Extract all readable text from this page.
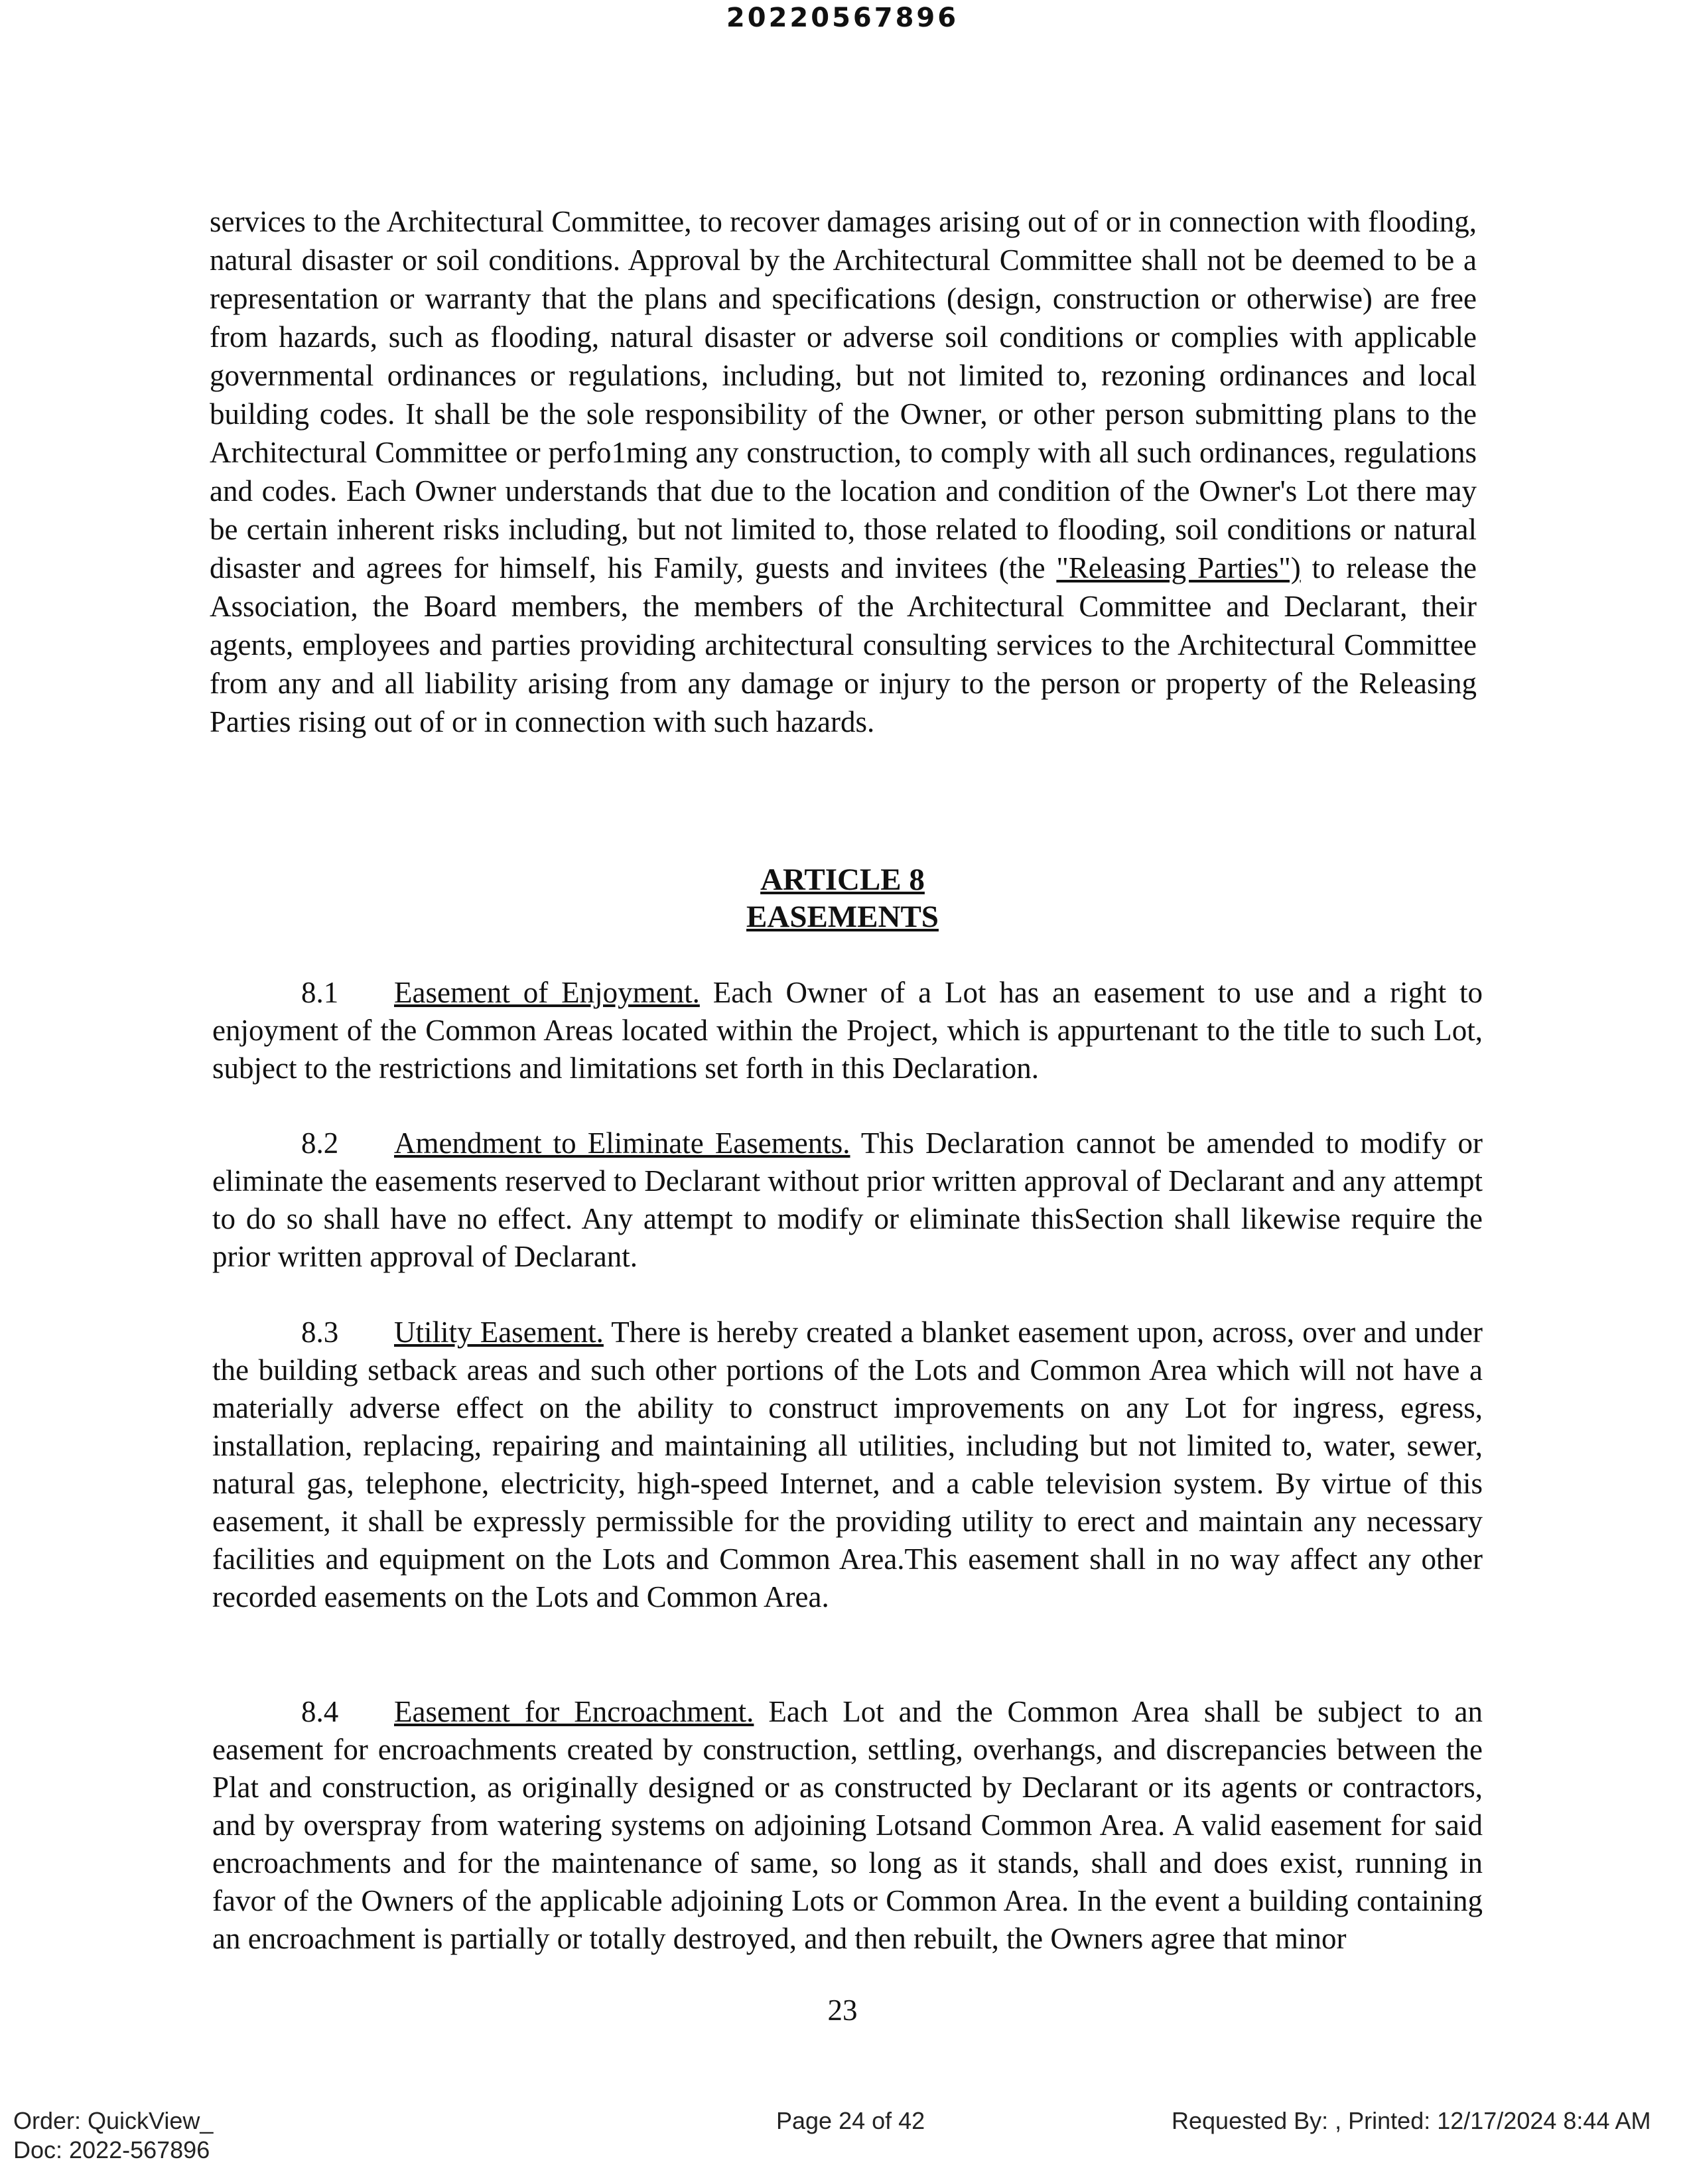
20220567896

services to the Architectural Committee, to recover damages arising out of or in connection with flooding, natural disaster or soil conditions. Approval by the Architectural Committee shall not be deemed to be a representation or warranty that the plans and specifications (design, construction or otherwise) are free from hazards, such as flooding, natural disaster or adverse soil conditions or complies with applicable governmental ordinances or regulations, including, but not limited to, rezoning ordinances and local building codes. It shall be the sole responsibility of the Owner, or other person submitting plans to the Architectural Committee or perfo1ming any construction, to comply with all such ordinances, regulations and codes. Each Owner understands that due to the location and condition of the Owner's Lot there may be certain inherent risks including, but not limited to, those related to flooding, soil conditions or natural disaster and agrees for himself, his Family, guests and invitees (the "Releasing Parties") to release the Association, the Board members, the members of the Architectural Committee and Declarant, their agents, employees and parties providing architectural consulting services to the Architectural Committee from any and all liability arising from any damage or injury to the person or property of the Releasing Parties rising out of or in connection with such hazards.

ARTICLE 8
EASEMENTS

8.1 Easement of Enjoyment. Each Owner of a Lot has an easement to use and a right to enjoyment of the Common Areas located within the Project, which is appurtenant to the title to such Lot, subject to the restrictions and limitations set forth in this Declaration.

8.2 Amendment to Eliminate Easements. This Declaration cannot be amended to modify or eliminate the easements reserved to Declarant without prior written approval of Declarant and any attempt to do so shall have no effect. Any attempt to modify or eliminate thisSection shall likewise require the prior written approval of Declarant.

8.3 Utility Easement. There is hereby created a blanket easement upon, across, over and under the building setback areas and such other portions of the Lots and Common Area which will not have a materially adverse effect on the ability to construct improvements on any Lot for ingress, egress, installation, replacing, repairing and maintaining all utilities, including but not limited to, water, sewer, natural gas, telephone, electricity, high-speed Internet, and a cable television system. By virtue of this easement, it shall be expressly permissible for the providing utility to erect and maintain any necessary facilities and equipment on the Lots and Common Area.This easement shall in no way affect any other recorded easements on the Lots and Common Area.

8.4 Easement for Encroachment. Each Lot and the Common Area shall be subject to an easement for encroachments created by construction, settling, overhangs, and discrepancies between the Plat and construction, as originally designed or as constructed by Declarant or its agents or contractors, and by overspray from watering systems on adjoining Lotsand Common Area. A valid easement for said encroachments and for the maintenance of same, so long as it stands, shall and does exist, running in favor of the Owners of the applicable adjoining Lots or Common Area. In the event a building containing an encroachment is partially or totally destroyed, and then rebuilt, the Owners agree that minor

23
Order: QuickView_
Doc: 2022-567896
Page 24 of 42	Requested By: , Printed: 12/17/2024 8:44 AM
